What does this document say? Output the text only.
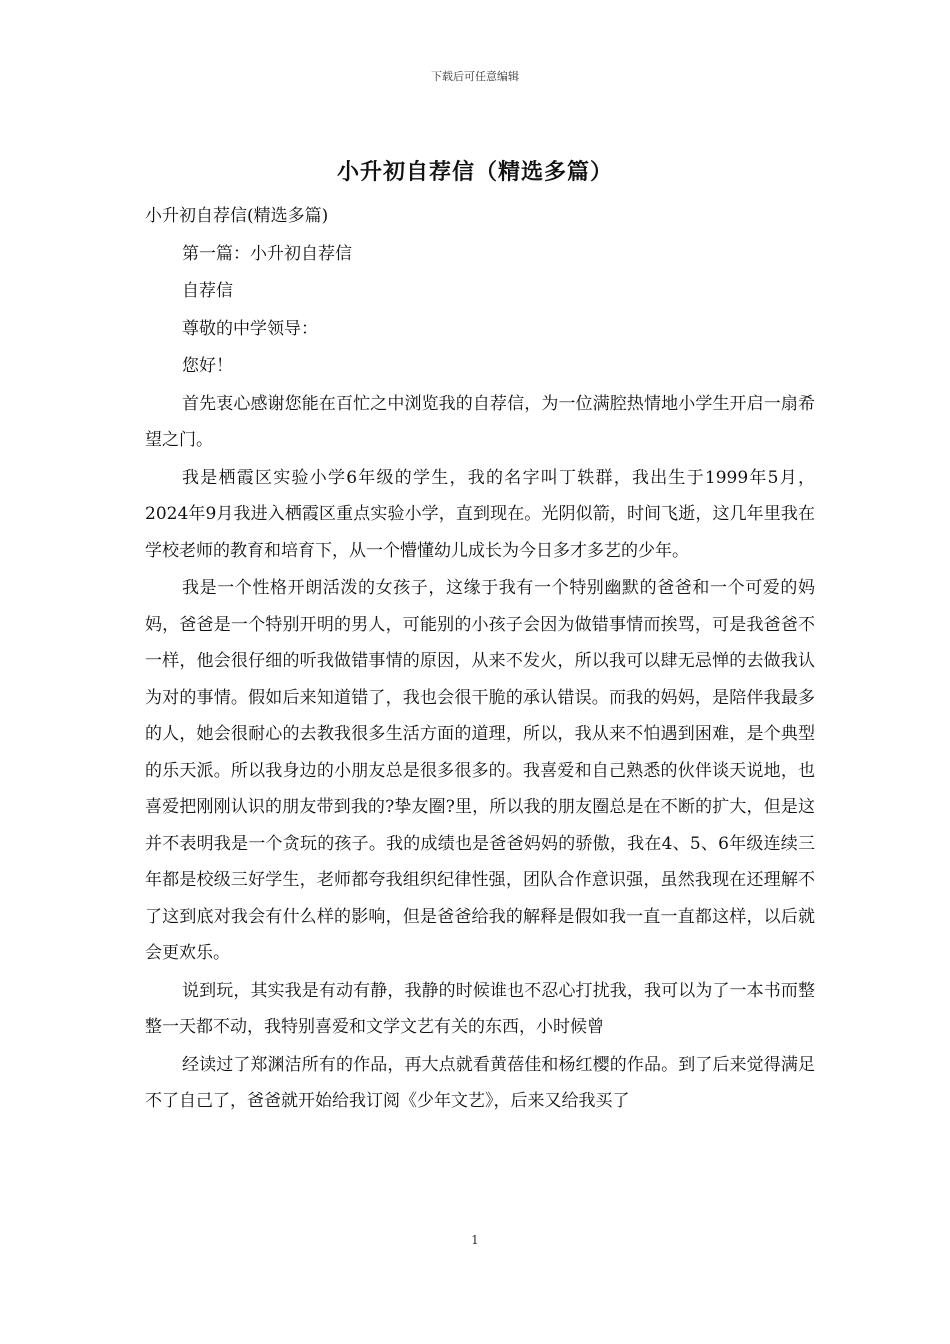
下载后可任意编辑
小升初自荐信（精选多篇）

小升初自荐信(精选多篇)

第一篇：小升初自荐信

自荐信

尊敬的中学领导：

您好！

首先衷心感谢您能在百忙之中浏览我的自荐信，为一位满腔热情地小学生开启一扇希望之门。

我是栖霞区实验小学6年级的学生，我的名字叫丁轶群，我出生于1999年5月，2024年9月我进入栖霞区重点实验小学，直到现在。光阴似箭，时间飞逝，这几年里我在学校老师的教育和培育下，从一个懵懂幼儿成长为今日多才多艺的少年。

我是一个性格开朗活泼的女孩子，这缘于我有一个特别幽默的爸爸和一个可爱的妈妈，爸爸是一个特别开明的男人，可能别的小孩子会因为做错事情而挨骂，可是我爸爸不一样，他会很仔细的听我做错事情的原因，从来不发火，所以我可以肆无忌惮的去做我认为对的事情。假如后来知道错了，我也会很干脆的承认错误。而我的妈妈，是陪伴我最多的人，她会很耐心的去教我很多生活方面的道理，所以，我从来不怕遇到困难，是个典型的乐天派。所以我身边的小朋友总是很多很多的。我喜爱和自己熟悉的伙伴谈天说地，也喜爱把刚刚认识的朋友带到我的?挚友圈?里，所以我的朋友圈总是在不断的扩大，但是这并不表明我是一个贪玩的孩子。我的成绩也是爸爸妈妈的骄傲，我在4、5、6年级连续三年都是校级三好学生，老师都夸我组织纪律性强，团队合作意识强，虽然我现在还理解不了这到底对我会有什么样的影响，但是爸爸给我的解释是假如我一直一直都这样，以后就会更欢乐。

说到玩，其实我是有动有静，我静的时候谁也不忍心打扰我，我可以为了一本书而整整一天都不动，我特别喜爱和文学文艺有关的东西，小时候曾

经读过了郑渊洁所有的作品，再大点就看黄蓓佳和杨红樱的作品。到了后来觉得满足不了自己了，爸爸就开始给我订阅《少年文艺》，后来又给我买了

1
